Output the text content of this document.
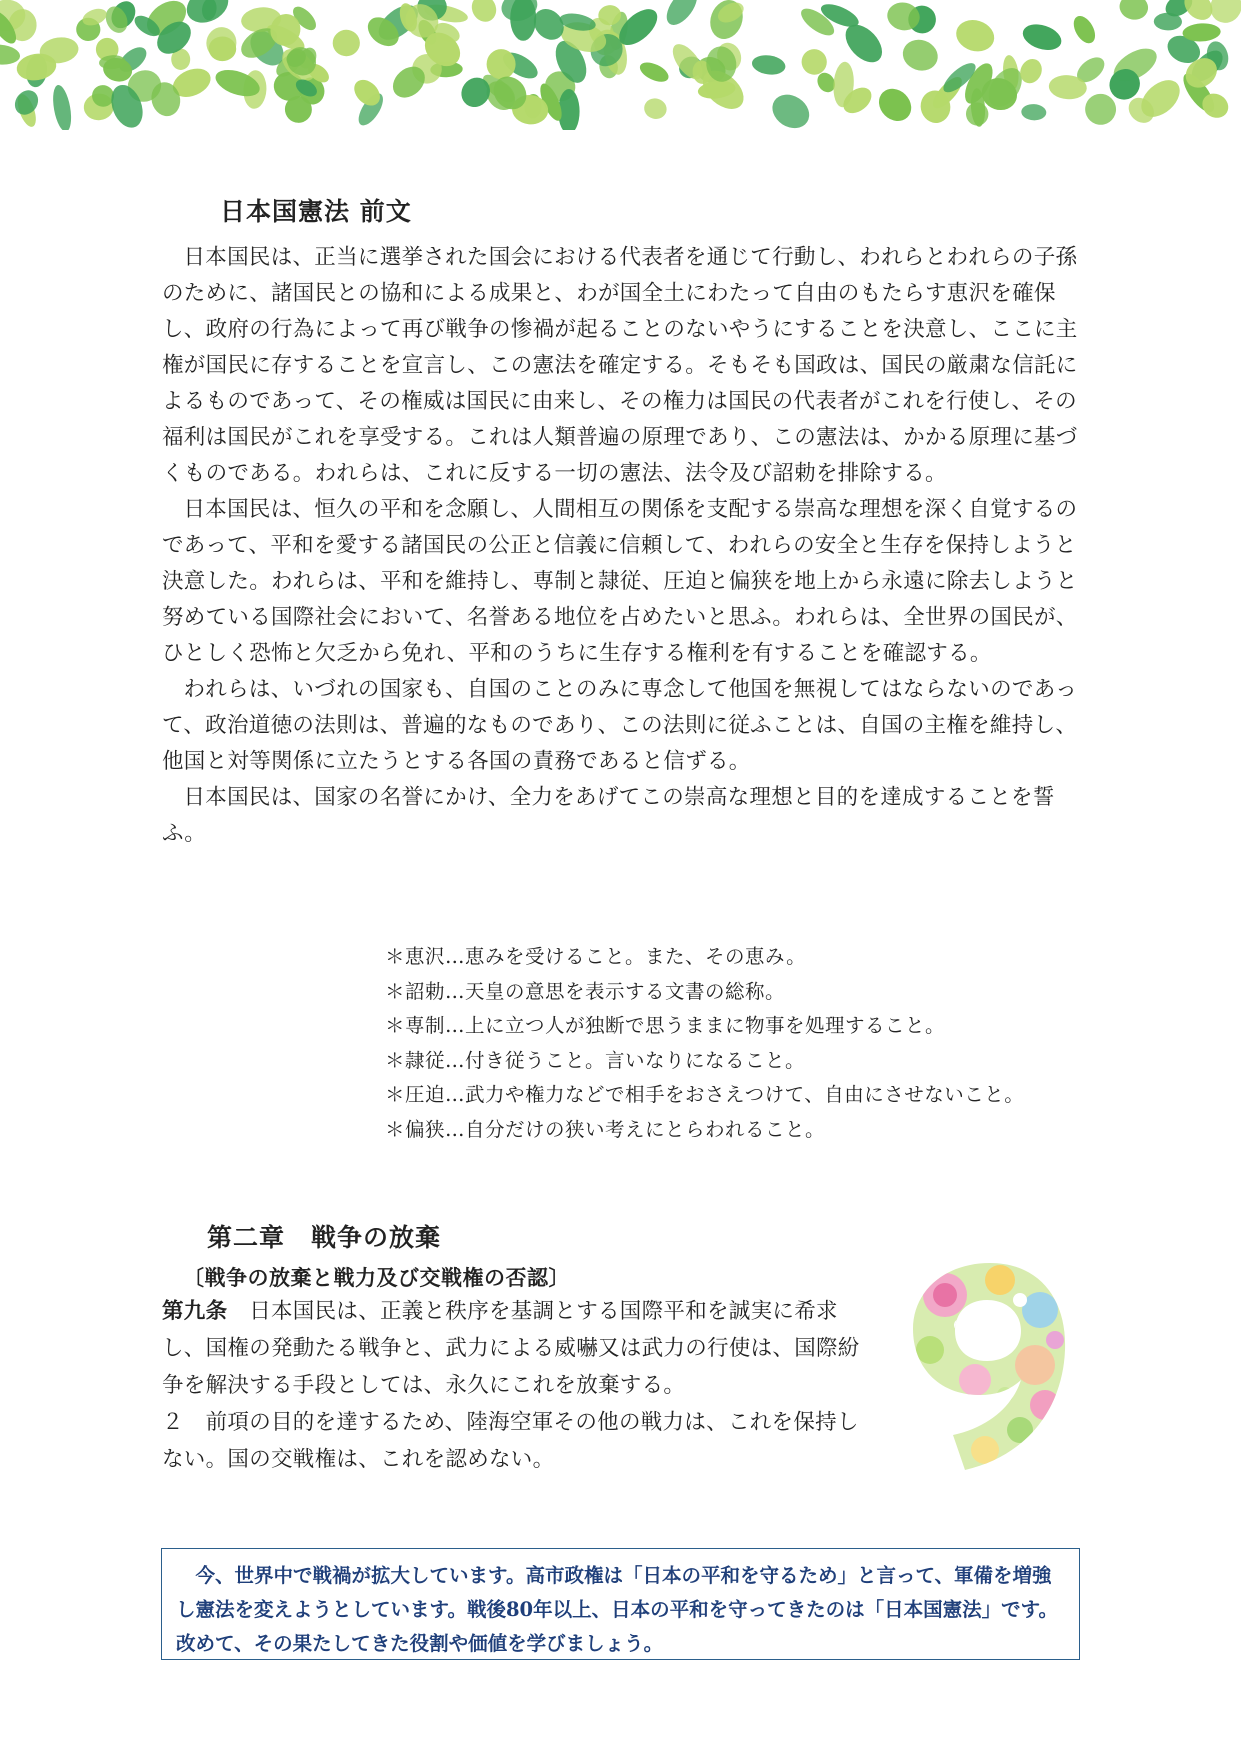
日本国憲法 前文

日本国民は、正当に選挙された国会における代表者を通じて行動し、われらとわれらの子孫のために、諸国民との協和による成果と、わが国全土にわたって自由のもたらす恵沢を確保し、政府の行為によって再び戦争の惨禍が起ることのないやうにすることを決意し、ここに主権が国民に存することを宣言し、この憲法を確定する。そもそも国政は、国民の厳粛な信託によるものであって、その権威は国民に由来し、その権力は国民の代表者がこれを行使し、その福利は国民がこれを享受する。これは人類普遍の原理であり、この憲法は、かかる原理に基づくものである。われらは、これに反する一切の憲法、法令及び詔勅を排除する。

日本国民は、恒久の平和を念願し、人間相互の関係を支配する崇高な理想を深く自覚するのであって、平和を愛する諸国民の公正と信義に信頼して、われらの安全と生存を保持しようと決意した。われらは、平和を維持し、専制と隷従、圧迫と偏狭を地上から永遠に除去しようと努めている国際社会において、名誉ある地位を占めたいと思ふ。われらは、全世界の国民が、ひとしく恐怖と欠乏から免れ、平和のうちに生存する権利を有することを確認する。

われらは、いづれの国家も、自国のことのみに専念して他国を無視してはならないのであって、政治道徳の法則は、普遍的なものであり、この法則に従ふことは、自国の主権を維持し、他国と対等関係に立たうとする各国の責務であると信ずる。

日本国民は、国家の名誉にかけ、全力をあげてこの崇高な理想と目的を達成することを誓ふ。

＊恵沢…恵みを受けること。また、その恵み。
＊詔勅…天皇の意思を表示する文書の総称。
＊専制…上に立つ人が独断で思うままに物事を処理すること。
＊隷従…付き従うこと。言いなりになること。
＊圧迫…武力や権力などで相手をおさえつけて、自由にさせないこと。
＊偏狭…自分だけの狭い考えにとらわれること。
第二章　戦争の放棄
〔戦争の放棄と戦力及び交戦権の否認〕

第九条　日本国民は、正義と秩序を基調とする国際平和を誠実に希求し、国権の発動たる戦争と、武力による威嚇又は武力の行使は、国際紛争を解決する手段としては、永久にこれを放棄する。

２　前項の目的を達するため、陸海空軍その他の戦力は、これを保持しない。国の交戦権は、これを認めない。

今、世界中で戦禍が拡大しています。高市政権は「日本の平和を守るため」と言って、軍備を増強し憲法を変えようとしています。戦後80年以上、日本の平和を守ってきたのは「日本国憲法」です。改めて、その果たしてきた役割や価値を学びましょう。
